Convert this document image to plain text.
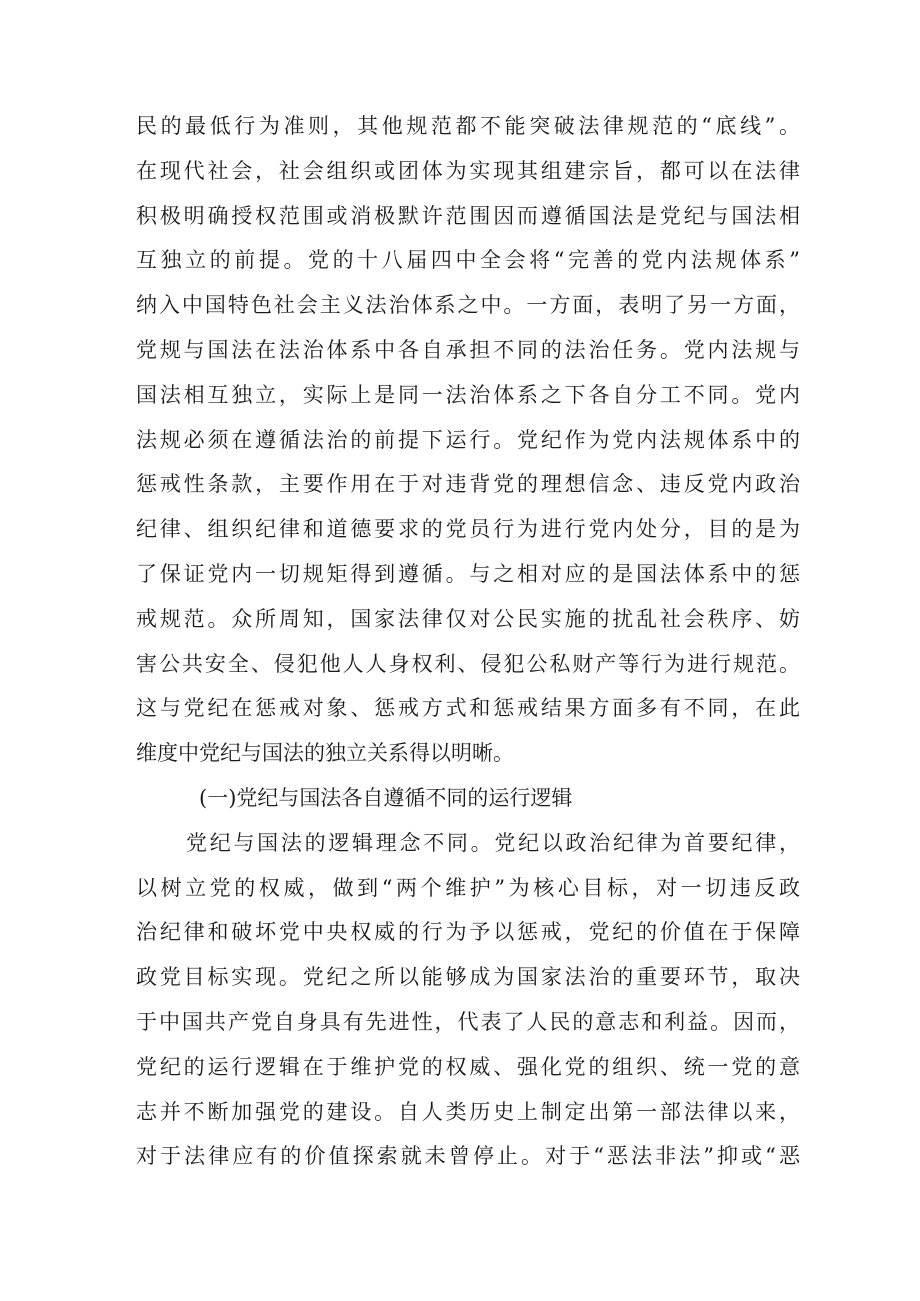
民的最低行为准则，其他规范都不能突破法律规范的“底线”。
在现代社会，社会组织或团体为实现其组建宗旨，都可以在法律
积极明确授权范围或消极默许范围因而遵循国法是党纪与国法相
互独立的前提。党的十八届四中全会将“完善的党内法规体系”
纳入中国特色社会主义法治体系之中。一方面，表明了另一方面，
党规与国法在法治体系中各自承担不同的法治任务。党内法规与
国法相互独立，实际上是同一法治体系之下各自分工不同。党内
法规必须在遵循法治的前提下运行。党纪作为党内法规体系中的
惩戒性条款，主要作用在于对违背党的理想信念、违反党内政治
纪律、组织纪律和道德要求的党员行为进行党内处分，目的是为
了保证党内一切规矩得到遵循。与之相对应的是国法体系中的惩
戒规范。众所周知，国家法律仅对公民实施的扰乱社会秩序、妨
害公共安全、侵犯他人人身权利、侵犯公私财产等行为进行规范。
这与党纪在惩戒对象、惩戒方式和惩戒结果方面多有不同，在此
维度中党纪与国法的独立关系得以明晰。
(一)党纪与国法各自遵循不同的运行逻辑
党纪与国法的逻辑理念不同。党纪以政治纪律为首要纪律，
以树立党的权威，做到“两个维护”为核心目标，对一切违反政
治纪律和破坏党中央权威的行为予以惩戒，党纪的价值在于保障
政党目标实现。党纪之所以能够成为国家法治的重要环节，取决
于中国共产党自身具有先进性，代表了人民的意志和利益。因而，
党纪的运行逻辑在于维护党的权威、强化党的组织、统一党的意
志并不断加强党的建设。自人类历史上制定出第一部法律以来，
对于法律应有的价值探索就未曾停止。对于“恶法非法”抑或“恶
